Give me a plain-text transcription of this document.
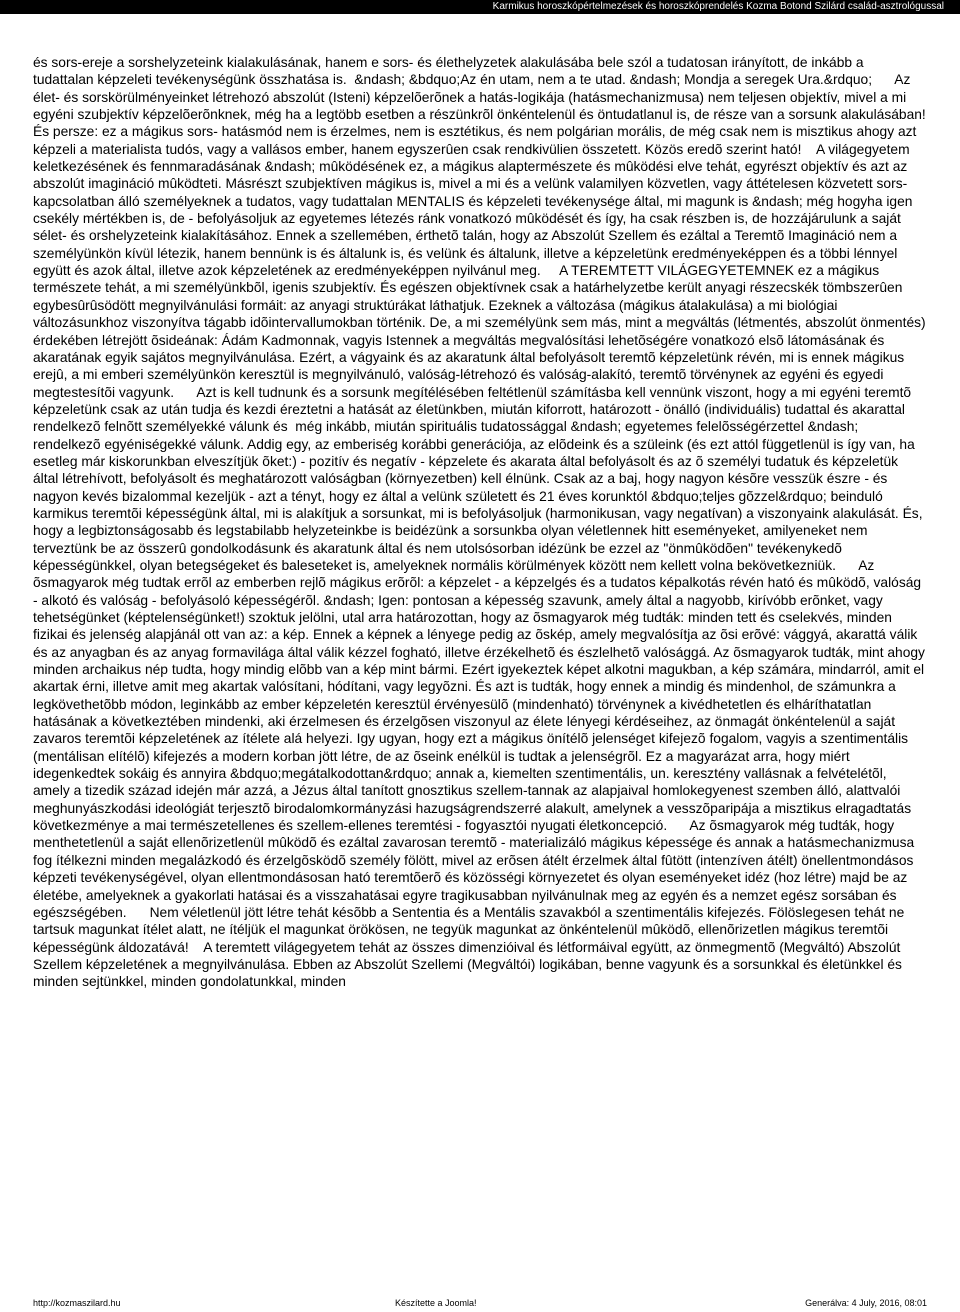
Karmikus horoszkópértelmezések és horoszkóprendelés Kozma Botond Szilárd család-asztrológussal

és sors-ereje a sorshelyzeteink kialakulásának, hanem e sors- és élethelyzetek alakulásába bele szól a tudatosan irányított, de inkább a tudattalan képzeleti tevékenységünk összhatása is.  &ndash; &bdquo;Az én utam, nem a te utad. &ndash; Mondja a seregek Ura.&rdquo;      Az élet- és sorskörülményeinket létrehozó abszolút (Isteni) képzelõerõnek a hatás-logikája (hatásmechanizmusa) nem teljesen objektív, mivel a mi egyéni szubjektív képzelõerõnknek, még ha a legtöbb esetben a részünkrõl önkéntelenül és öntudatlanul is, de része van a sorsunk alakulásában! És persze: ez a mágikus sors- hatásmód nem is érzelmes, nem is esztétikus, és nem polgárian morális, de még csak nem is misztikus ahogy azt képzeli a materialista tudós, vagy a vallásos ember, hanem egyszerûen csak rendkivülien összetett. Közös eredõ szerint ható!    A világegyetem keletkezésének és fennmaradásának &ndash; mûködésének ez, a mágikus alaptermészete és mûködési elve tehát, egyrészt objektív és azt az abszolút imagináció mûködteti. Másrészt szubjektíven mágikus is, mivel a mi és a velünk valamilyen közvetlen, vagy áttételesen közvetett sors-kapcsolatban álló személyeknek a tudatos, vagy tudattalan MENTALIS és képzeleti tevékenysége által, mi magunk is &ndash; még hogyha igen csekély mértékben is, de - befolyásoljuk az egyetemes létezés ránk vonatkozó mûködését és így, ha csak részben is, de hozzájárulunk a saját sélet- és orshelyzeteink kialakításához. Ennek a szellemében, érthetõ talán, hogy az Abszolút Szellem és ezáltal a Teremtõ Imagináció nem a személyünkön kívül létezik, hanem bennünk is és általunk is, és velünk és általunk, illetve a képzeletünk eredményeképpen és a többi lénnyel együtt és azok által, illetve azok képzeletének az eredményeképpen nyilvánul meg.     A TEREMTETT VILÁGEGYETEMNEK ez a mágikus természete tehát, a mi személyünkbõl, igenis szubjektív. És egészen objektívnek csak a határhelyzetbe került anyagi részecskék tömbszerûen egybesûrûsödött megnyilvánulási formáit: az anyagi struktúrákat láthatjuk. Ezeknek a változása (mágikus átalakulása) a mi biológiai változásunkhoz viszonyítva tágabb idõintervallumokban történik. De, a mi személyünk sem más, mint a megváltás (létmentés, abszolút önmentés) érdekében létrejött õsideának: Ádám Kadmonnak, vagyis Istennek a megváltás megvalósítási lehetõségére vonatkozó elsõ látomásának és akaratának egyik sajátos megnyilvánulása. Ezért, a vágyaink és az akaratunk által befolyásolt teremtõ képzeletünk révén, mi is ennek mágikus erejû, a mi emberi személyünkön keresztül is megnyilvánuló, valóság-létrehozó és valóság-alakító, teremtõ törvénynek az egyéni és egyedi megtestesítõi vagyunk.      Azt is kell tudnunk és a sorsunk megítélésében feltétlenül számításba kell vennünk viszont, hogy a mi egyéni teremtõ képzeletünk csak az után tudja és kezdi éreztetni a hatását az életünkben, miután kiforrott, határozott - önálló (individuális) tudattal és akarattal rendelkezõ felnõtt személyekké válunk és  még inkább, miután spirituális tudatossággal &ndash; egyetemes felelõsségérzettel &ndash; rendelkezõ egyéniségekké válunk. Addig egy, az emberiség korábbi generációja, az elõdeink és a szüleink (és ezt attól függetlenül is így van, ha esetleg már kiskorunkban elveszítjük õket:) - pozitív és negatív - képzelete és akarata által befolyásolt és az õ személyi tudatuk és képzeletük által létrehívott, befolyásolt és meghatározott valóságban (környezetben) kell élnünk. Csak az a baj, hogy nagyon késõre vesszük észre - és nagyon kevés bizalommal kezeljük - azt a tényt, hogy ez által a velünk született és 21 éves korunktól &bdquo;teljes gõzzel&rdquo; beinduló karmikus teremtõi képességünk által, mi is alakítjuk a sorsunkat, mi is befolyásoljuk (harmonikusan, vagy negatívan) a viszonyaink alakulását. És, hogy a legbiztonságosabb és legstabilabb helyzeteinkbe is beidézünk a sorsunkba olyan véletlennek hitt eseményeket, amilyeneket nem terveztünk be az összerû gondolkodásunk és akaratunk által és nem utolsósorban idézünk be ezzel az "önmûködõen" tevékenykedõ képességünkkel, olyan betegségeket és baleseteket is, amelyeknek normális körülmények között nem kellett volna bekövetkezniük.      Az õsmagyarok még tudtak errõl az emberben rejlõ mágikus erõrõl: a képzelet - a képzelgés és a tudatos képalkotás révén ható és mûködõ, valóság - alkotó és valóság - befolyásoló képességérõl. &ndash; Igen: pontosan a képesség szavunk, amely által a nagyobb, kirívóbb erõnket, vagy tehetségünket (képtelenségünket!) szoktuk jelölni, utal arra határozottan, hogy az õsmagyarok még tudták: minden tett és cselekvés, minden fizikai és jelenség alapjánál ott van az: a kép. Ennek a képnek a lényege pedig az õskép, amely megvalósítja az õsi erõvé: vággyá, akarattá válik és az anyagban és az anyag formavilága által válik kézzel fogható, illetve érzékelhetõ és észlelhetõ valósággá. Az õsmagyarok tudták, mint ahogy minden archaikus nép tudta, hogy mindig elõbb van a kép mint bármi. Ezért igyekeztek képet alkotni magukban, a kép számára, mindarról, amit el akartak érni, illetve amit meg akartak valósítani, hódítani, vagy legyõzni. És azt is tudták, hogy ennek a mindig és mindenhol, de számunkra a legkövethetõbb módon, leginkább az ember képzeletén keresztül érvényesülõ (mindenható) törvénynek a kivédhetetlen és elháríthatatlan hatásának a következtében mindenki, aki érzelmesen és érzelgõsen viszonyul az élete lényegi kérdéseihez, az önmagát önkéntelenül a saját zavaros teremtõi képzeletének az ítélete alá helyezi. Igy ugyan, hogy ezt a mágikus önítélõ jelenséget kifejezõ fogalom, vagyis a szentimentális (mentálisan elítélõ) kifejezés a modern korban jött létre, de az õseink enélkül is tudtak a jelenségrõl. Ez a magyarázat arra, hogy miért idegenkedtek sokáig és annyira &bdquo;megátalkodottan&rdquo; annak a, kiemelten szentimentális, un. keresztény vallásnak a felvételétõl, amely a tizedik század idején már azzá, a Jézus által tanított gnosztikus szellem-tannak az alapjaival homlokegyenest szemben álló, alattvalói meghunyászkodási ideológiát terjesztõ birodalomkormányzási hazugságrendszerré alakult, amelynek a vesszõparipája a misztikus elragadtatás következménye a mai természetellenes és szellem-ellenes teremtési - fogyasztói nyugati életkoncepció.      Az õsmagyarok még tudták, hogy menthetetlenül a saját ellenõrizetlenül mûködõ és ezáltal zavarosan teremtõ - materializáló mágikus képessége és annak a hatásmechanizmusa fog ítélkezni minden megalázkodó és érzelgõsködõ személy fölött, mivel az erõsen átélt érzelmek által fûtött (intenzíven átélt) önellentmondásos képzeti tevékenységével, olyan ellentmondásosan ható teremtõerõ és közösségi környezetet és olyan eseményeket idéz (hoz létre) majd be az életébe, amelyeknek a gyakorlati hatásai és a visszahatásai egyre tragikusabban nyilvánulnak meg az egyén és a nemzet egész sorsában és egészségében.      Nem véletlenül jött létre tehát késõbb a Sententia és a Mentális szavakból a szentimentális kifejezés. Fölöslegesen tehát ne tartsuk magunkat ítélet alatt, ne ítéljük el magunkat örökösen, ne tegyük magunkat az önkéntelenül mûködõ, ellenõrizetlen mágikus teremtõi képességünk áldozatává!    A teremtett világegyetem tehát az összes dimenzióival és létformáival együtt, az önmegmentõ (Megváltó) Abszolút Szellem képzeletének a megnyilvánulása. Ebben az Abszolút Szellemi (Megváltói) logikában, benne vagyunk és a sorsunkkal és életünkkel és minden sejtünkkel, minden gondolatunkkal, minden

http://kozmaszilard.hu	Készítette a Joomla!	Generálva: 4 July, 2016, 08:01
